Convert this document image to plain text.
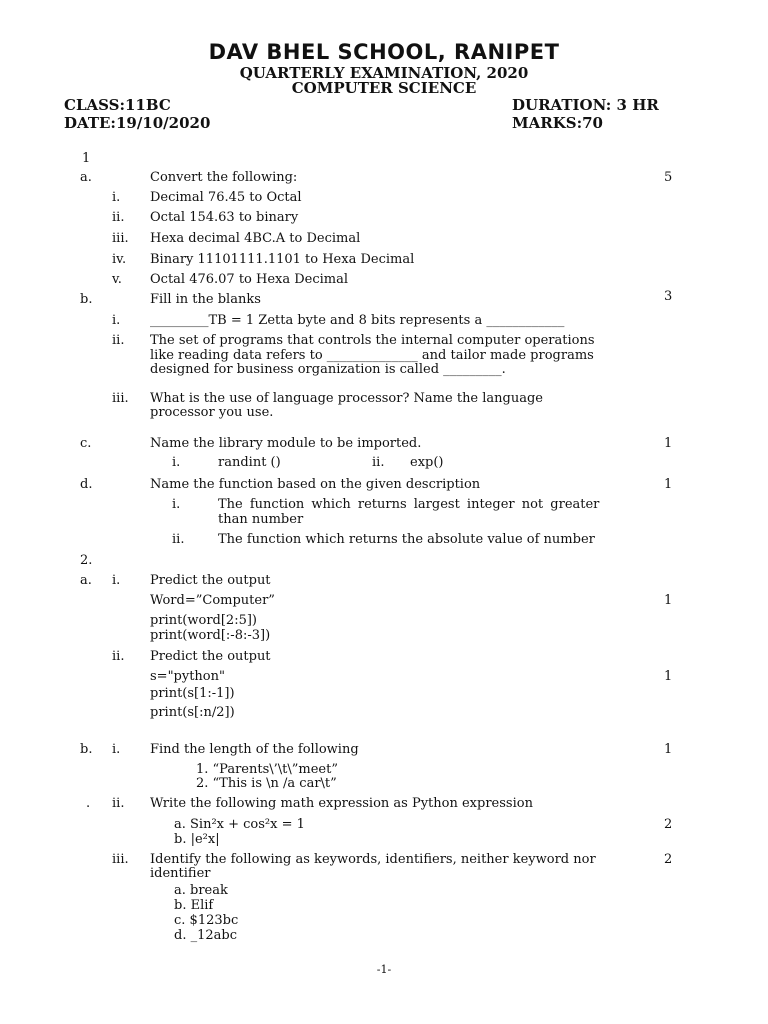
DAV BHEL SCHOOL, RANIPET
QUARTERLY EXAMINATION, 2020
COMPUTER SCIENCE
CLASS:11BC	DURATION: 3 HR
DATE:19/10/2020	MARKS:70
1
a.	Convert the following:	5
i. Decimal 76.45 to Octal
ii. Octal 154.63 to binary
iii. Hexa decimal 4BC.A to Decimal
iv. Binary 11101111.1101 to Hexa Decimal
v. Octal 476.07 to Hexa Decimal
b.	Fill in the blanks	3
i. _________TB = 1 Zetta byte and 8 bits represents a ____________
ii. The set of programs that controls the internal computer operations
like reading data refers to ______________ and tailor made programs
designed for business organization is called _________.
iii. What is the use of language processor? Name the language
processor you use.
c.	Name the library module to be imported.	1
i.	randint ()	ii. exp()
d.	Name the function based on the given description	1
i.	The function which returns largest integer not greater
than number
ii.	The function which returns the absolute value of number
2.
a. i. Predict the output
Word=”Computer”	1
print(word[2:5])
print(word[:-8:-3])
ii. Predict the output
s="python"	1
print(s[1:-1])
print(s[:n/2])
b. i. Find the length of the following	1
1. “Parents\’\t\”meet”
2. “This is \n /a car\t”
. ii. Write the following math expression as Python expression
a. Sin²x + cos²x = 1	2
b. |e²x|
iii. Identify the following as keywords, identifiers, neither keyword nor	2
identifier
a. break
b. Elif
c. $123bc
d. _12abc
-1-
